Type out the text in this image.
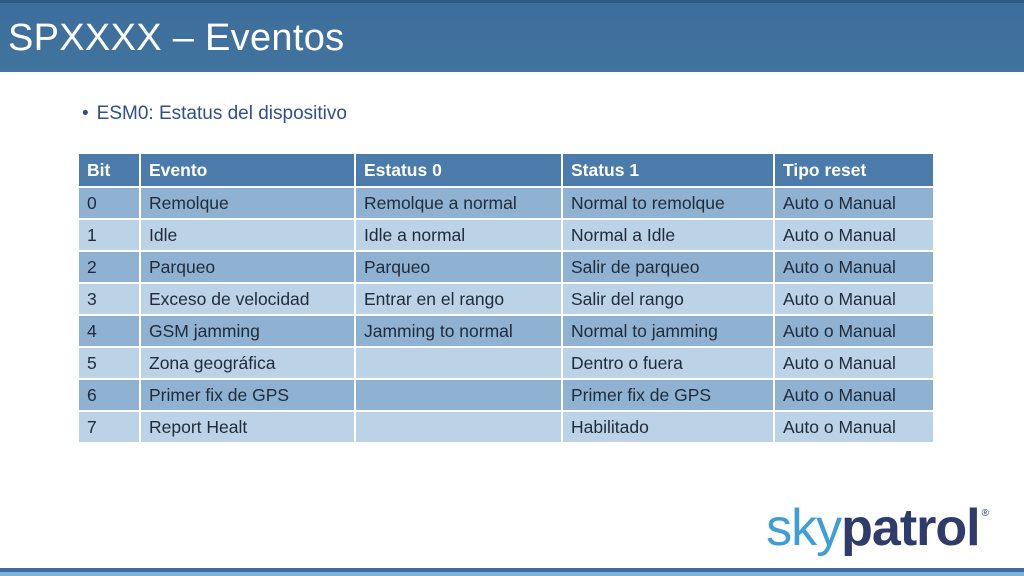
SPXXXX – Eventos
• ESM0: Estatus del dispositivo
Bit	Evento	Estatus 0	Status 1	Tipo reset
0	Remolque	Remolque a normal	Normal to remolque	Auto o Manual
1	Idle	Idle a normal	Normal a Idle	Auto o Manual
2	Parqueo	Parqueo	Salir de parqueo	Auto o Manual
3	Exceso de velocidad	Entrar en el rango	Salir del rango	Auto o Manual
4	GSM jamming	Jamming to normal	Normal to jamming	Auto o Manual
5	Zona geográfica		Dentro o fuera	Auto o Manual
6	Primer fix de GPS		Primer fix de GPS	Auto o Manual
7	Report Healt		Habilitado	Auto o Manual
skypatrol ®
